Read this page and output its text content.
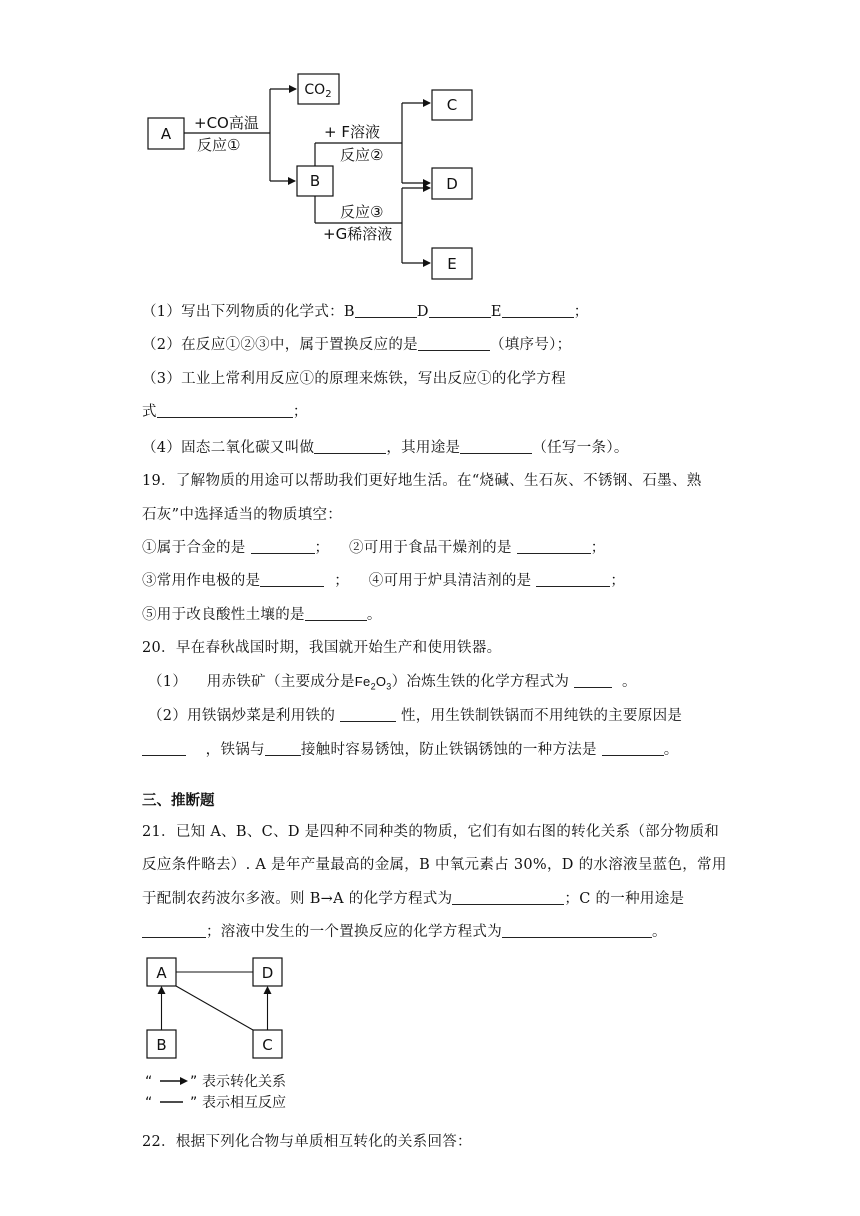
A
$CO_2$
B
C
D
E
+CO高温
反应①
+ F溶液
反应②
反应③
+G稀溶液
（1）写出下列物质的化学式：B	D	E	；
（2）在反应①②③中，属于置换反应的是	（填序号）；
（3）工业上常利用反应①的原理来炼铁，写出反应①的化学方程
式	；
（4）固态二氧化碳又叫做	，其用途是	（任写一条）。
19．了解物质的用途可以帮助我们更好地生活。在“烧碱、生石灰、不锈钢、石墨、熟
石灰”中选择适当的物质填空：
①属于合金的是	； ②可用于食品干燥剂的是	；
③常用作电极的是	； ④可用于炉具清洁剂的是	；
⑤用于改良酸性土壤的是	。
20．早在春秋战国时期，我国就开始生产和使用铁器。
（1） 用赤铁矿（主要成分是$Fe_2O_3$）冶炼生铁的化学方程式为	。
（2）用铁锅炒菜是利用铁的	性，用生铁制铁锅而不用纯铁的主要原因是
，铁锅与 接触时容易锈蚀，防止铁锅锈蚀的一种方法是	。
三、推断题
21．已知 A、B、C、D 是四种不同种类的物质，它们有如右图的转化关系（部分物质和
反应条件略去）. A 是年产量最高的金属，B 中氧元素占 30%，D 的水溶液呈蓝色，常用
于配制农药波尔多液。则 B→A 的化学方程式为	；C 的一种用途是
；溶液中发生的一个置换反应的化学方程式为	。
A	D
B	C
“	” 表示转化关系
“	” 表示相互反应
22．根据下列化合物与单质相互转化的关系回答：
